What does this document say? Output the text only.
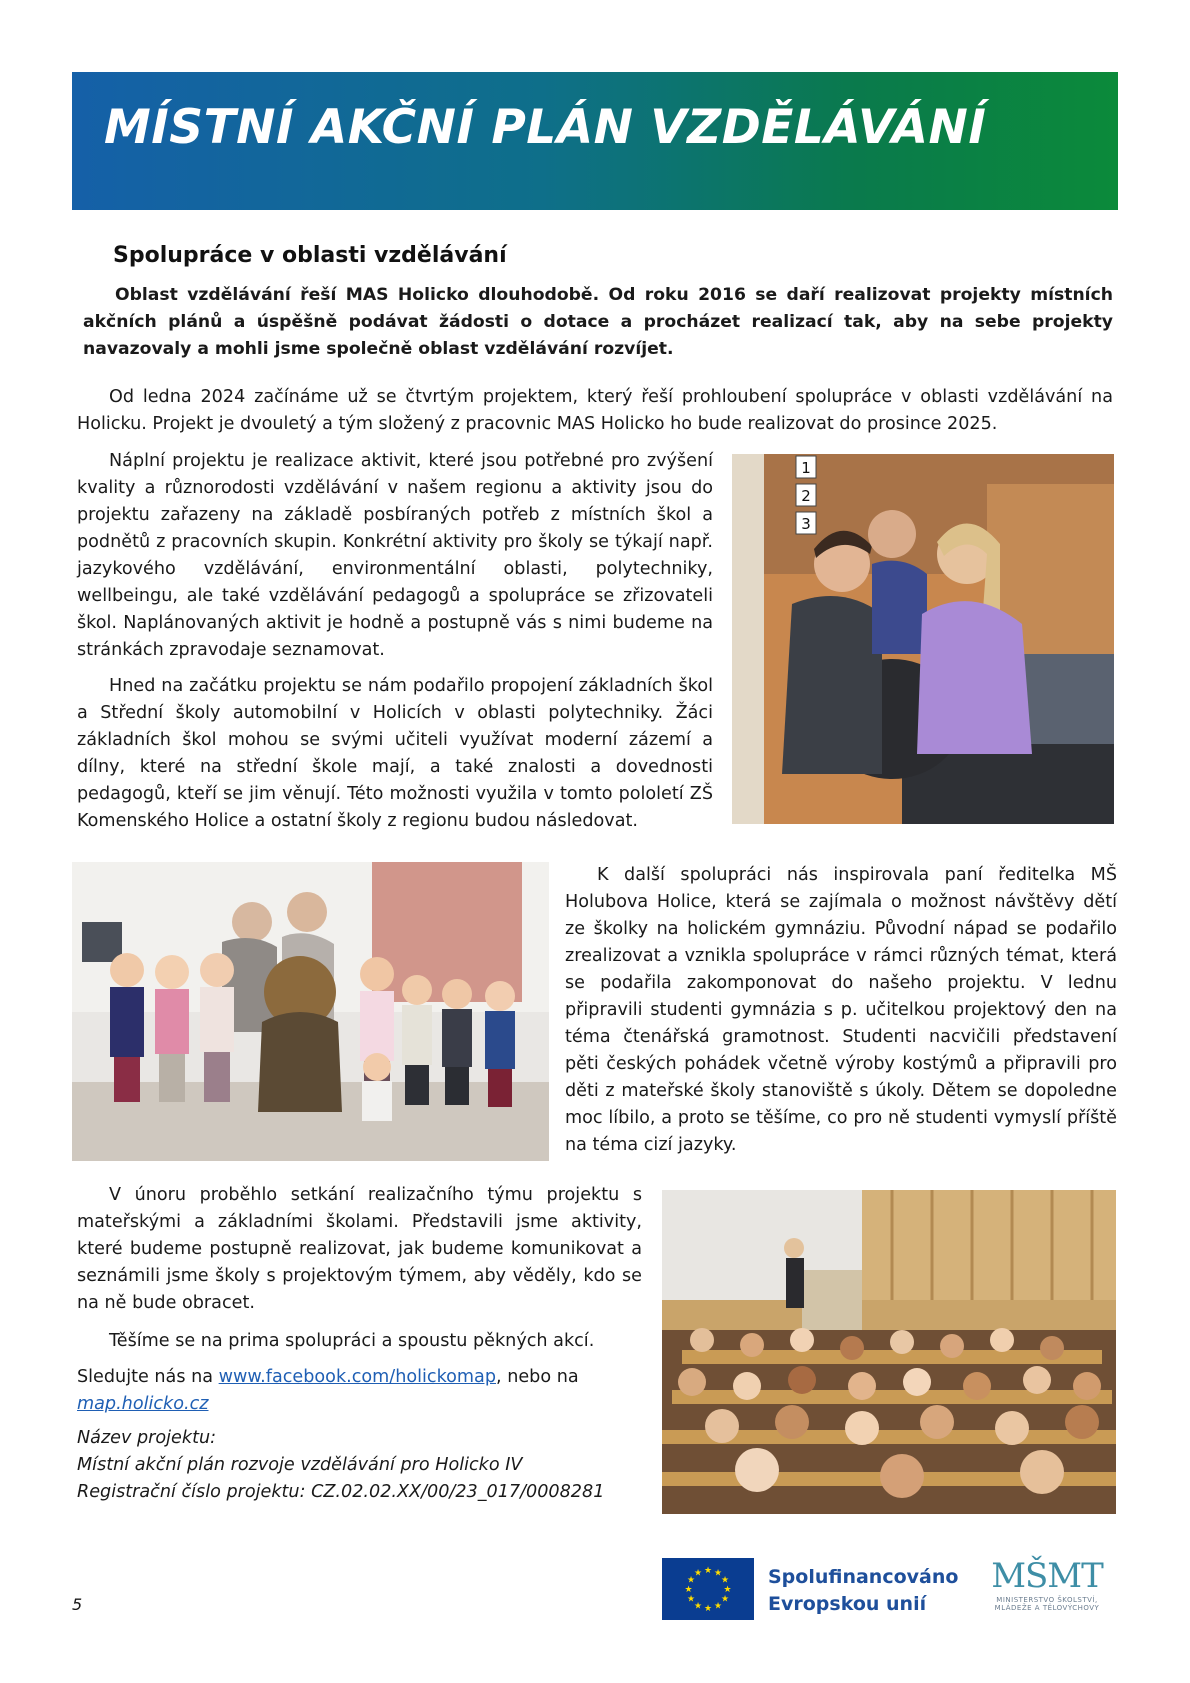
MÍSTNÍ AKČNÍ PLÁN VZDĚLÁVÁNÍ
Spolupráce v oblasti vzdělávání

Oblast vzdělávání řeší MAS Holicko dlouhodobě. Od roku 2016 se daří realizovat projekty místních akčních plánů a úspěšně podávat žádosti o dotace a procházet realizací tak, aby na sebe projekty navazovaly a mohli jsme společně oblast vzdělávání rozvíjet.

Od ledna 2024 začínáme už se čtvrtým projektem, který řeší prohloubení spolupráce v oblasti vzdělávání na Holicku. Projekt je dvouletý a tým složený z pracovnic MAS Holicko ho bude realizovat do prosince 2025.

Náplní projektu je realizace aktivit, které jsou potřebné pro zvýšení kvality a různorodosti vzdělávání v našem regionu a aktivity jsou do projektu zařazeny na základě posbíraných potřeb z místních škol a podnětů z pracovních skupin. Konkrétní aktivity pro školy se týkají např. jazykového vzdělávání, environmentální oblasti, polytechniky, wellbeingu, ale také vzdělávání pedagogů a spolupráce se zřizovateli škol. Naplánovaných aktivit je hodně a postupně vás s nimi budeme na stránkách zpravodaje seznamovat.

Hned na začátku projektu se nám podařilo propojení základních škol a Střední školy automobilní v Holicích v oblasti polytechniky. Žáci základních škol mohou se svými učiteli využívat moderní zázemí a dílny, které na střední škole mají, a také znalosti a dovednosti pedagogů, kteří se jim věnují. Této možnosti využila v tomto pololetí ZŠ Komenského Holice a ostatní školy z regionu budou následovat.

1
2
3

K další spolupráci nás inspirovala paní ředitelka MŠ Holubova Holice, která se zajímala o možnost návštěvy dětí ze školky na holickém gymnáziu. Původní nápad se podařilo zrealizovat a vznikla spolupráce v rámci různých témat, která se podařila zakomponovat do našeho projektu. V lednu připravili studenti gymnázia s p. učitelkou projektový den na téma čtenářská gramotnost. Studenti nacvičili představení pěti českých pohádek včetně výroby kostýmů a připravili pro děti z mateřské školy stanoviště s úkoly. Dětem se dopoledne moc líbilo, a proto se těšíme, co pro ně studenti vymyslí příště na téma cizí jazyky.

V únoru proběhlo setkání realizačního týmu projektu s mateřskými a základními školami. Představili jsme aktivity, které budeme postupně realizovat, jak budeme komunikovat a seznámili jsme školy s projektovým týmem, aby věděly, kdo se na ně bude obracet.

Těšíme se na prima spolupráci a spoustu pěkných akcí.

Sledujte nás na www.facebook.com/holickomap, nebo na
map.holicko.cz

Název projektu:
Místní akční plán rozvoje vzdělávání pro Holicko IV
Registrační číslo projektu: CZ.02.02.XX/00/23_017/0008281
5
★ ★
★
★
★
★
★
★
★
★
★
★	Spolufinancováno
Evropskou unií
MŠMT
MINISTERSTVO ŠKOLSTVÍ,
MLÁDEŽE A TĚLOVÝCHOVY
